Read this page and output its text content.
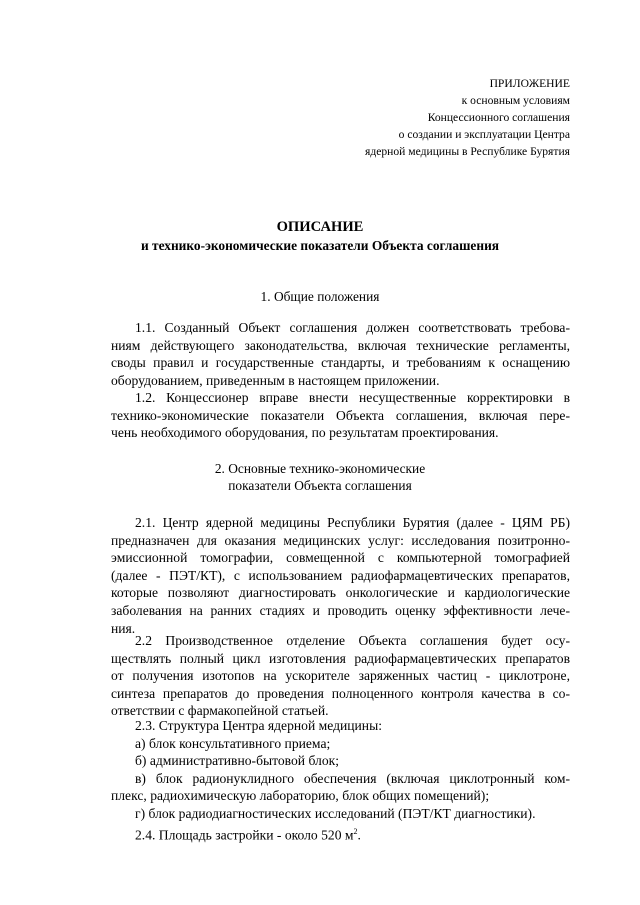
ПРИЛОЖЕНИЕ
к основным условиям
Концессионного соглашения
о создании и эксплуатации Центра
ядерной медицины в Республике Бурятия
ОПИСАНИЕ
и технико-экономические показатели Объекта соглашения
1. Общие положения
1.1. Созданный Объект соглашения должен соответствовать требова-
ниям действующего законодательства, включая технические регламенты,
своды правил и государственные стандарты, и требованиям к оснащению
оборудованием, приведенным в настоящем приложении.
1.2. Концессионер вправе внести несущественные корректировки в
технико-экономические показатели Объекта соглашения, включая пере-
чень необходимого оборудования, по результатам проектирования.
2. Основные технико-экономические
показатели Объекта соглашения
2.1. Центр ядерной медицины Республики Бурятия (далее - ЦЯМ РБ)
предназначен для оказания медицинских услуг: исследования позитронно-
эмиссионной томографии, совмещенной с компьютерной томографией
(далее - ПЭТ/КТ), с использованием радиофармацевтических препаратов,
которые позволяют диагностировать онкологические и кардиологические
заболевания на ранних стадиях и проводить оценку эффективности лече-
ния.
2.2 Производственное отделение Объекта соглашения будет осу-
ществлять полный цикл изготовления радиофармацевтических препаратов
от получения изотопов на ускорителе заряженных частиц - циклотроне,
синтеза препаратов до проведения полноценного контроля качества в со-
ответствии с фармакопейной статьей.
2.3. Структура Центра ядерной медицины:
а) блок консультативного приема;
б) административно-бытовой блок;
в) блок радионуклидного обеспечения (включая циклотронный ком-
плекс, радиохимическую лабораторию, блок общих помещений);
г) блок радиодиагностических исследований (ПЭТ/КТ диагностики).
2.4. Площадь застройки - около 520 $м^2$.
